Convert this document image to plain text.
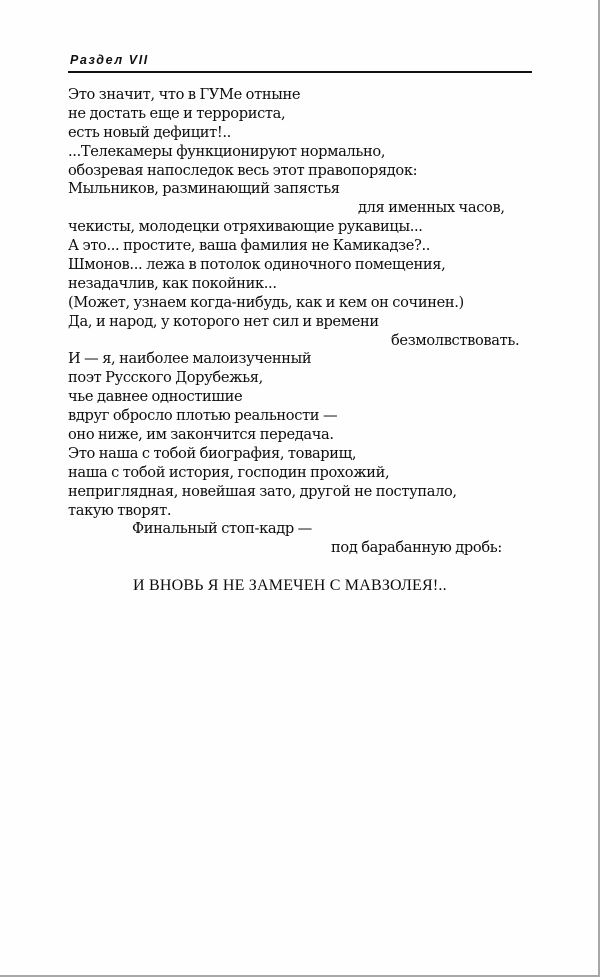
Раздел VII
Это значит, что в ГУМе отныне
не достать еще и террориста,
есть новый дефицит!..
...Телекамеры функционируют нормально,
обозревая напоследок весь этот правопорядок:
Мыльников, разминающий запястья
для именных часов,
чекисты, молодецки отряхивающие рукавицы...
А это... простите, ваша фамилия не Камикадзе?..
Шмонов... лежа в потолок одиночного помещения,
незадачлив, как покойник...
(Может, узнаем когда-нибудь, как и кем он сочинен.)
Да, и народ, у которого нет сил и времени
безмолвствовать.
И — я, наиболее малоизученный
поэт Русского Дорубежья,
чье давнее одностишие
вдруг обросло плотью реальности —
оно ниже, им закончится передача.
Это наша с тобой биография, товарищ,
наша с тобой история, господин прохожий,
неприглядная, новейшая зато, другой не поступало,
такую творят.
Финальный стоп-кадр —
под барабанную дробь:
И ВНОВЬ Я НЕ ЗАМЕЧЕН С МАВЗОЛЕЯ!..
